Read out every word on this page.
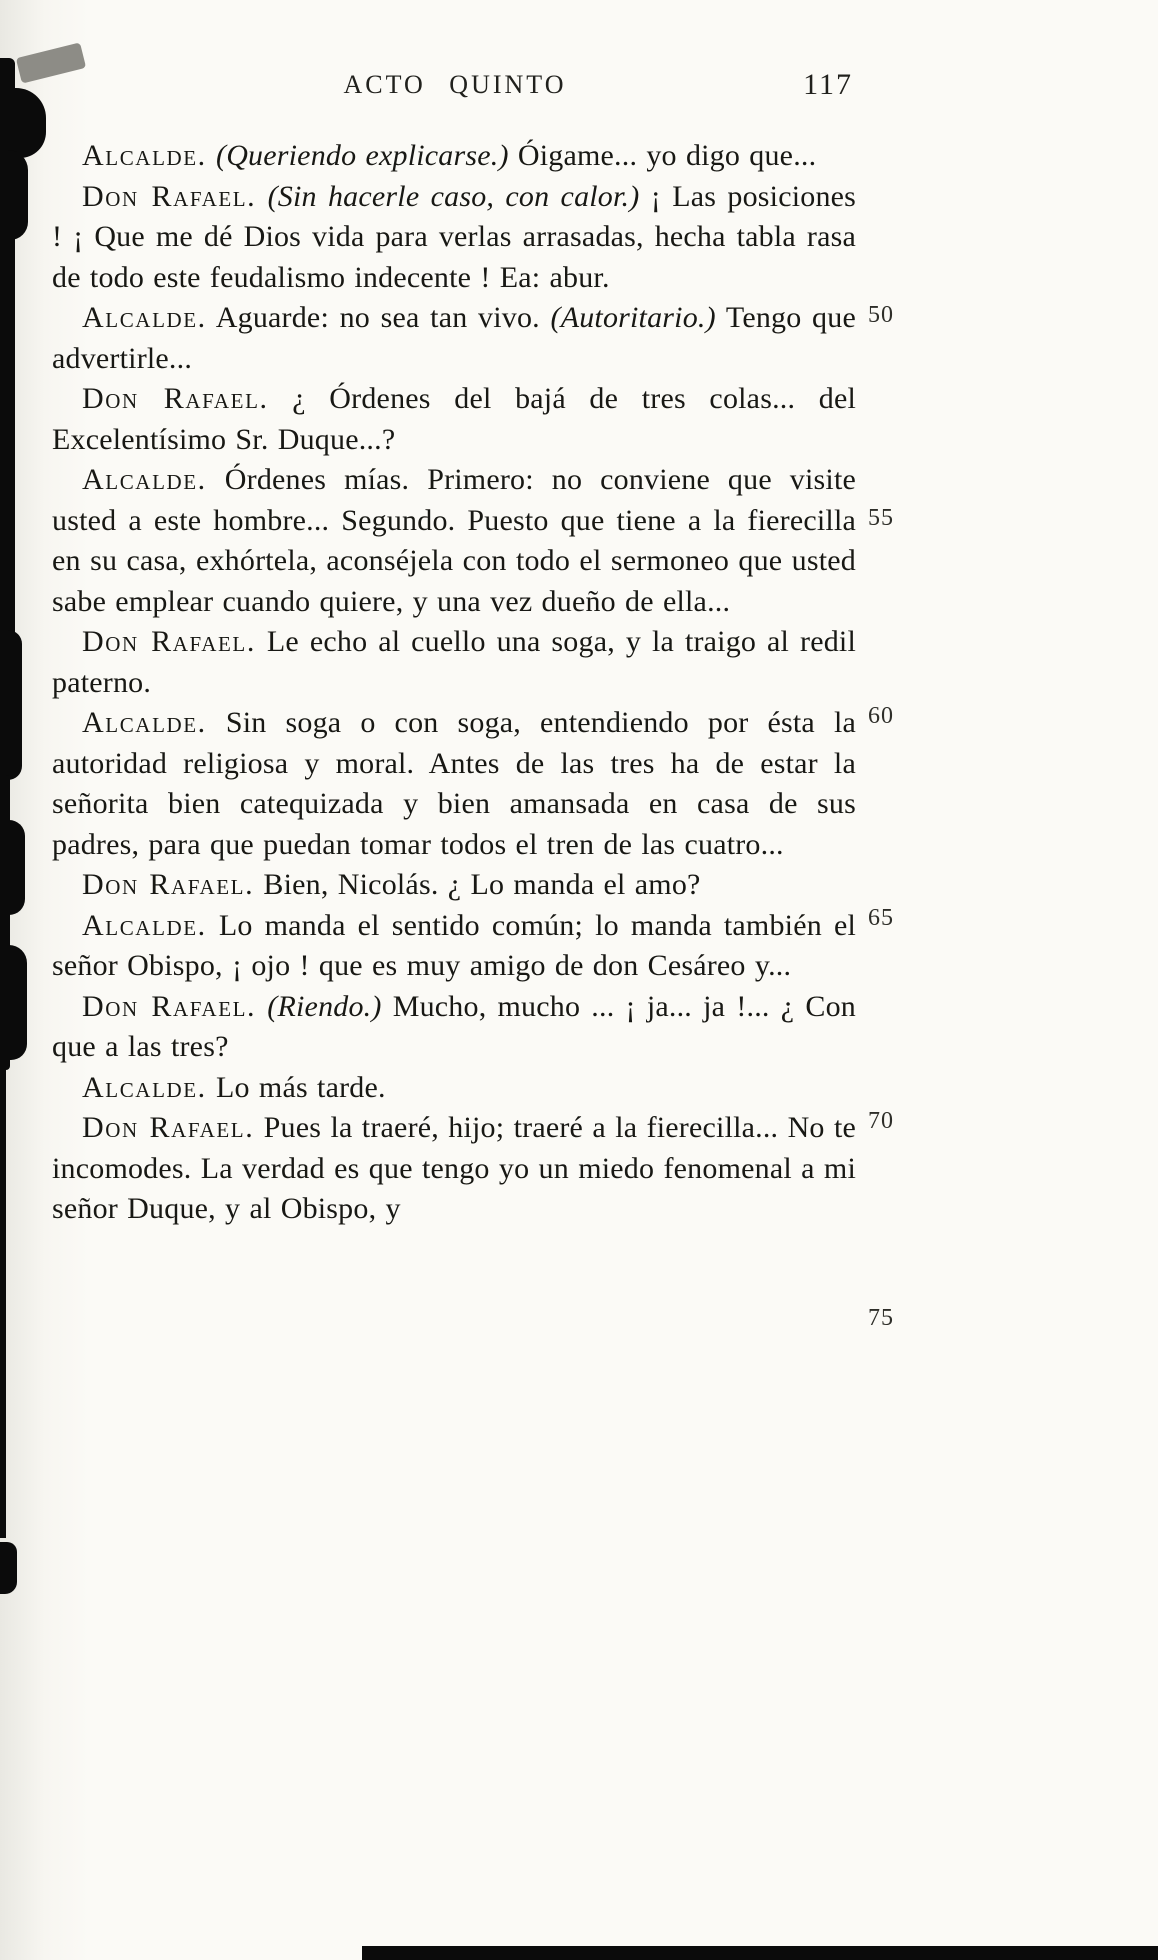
ACTO QUINTO	117

Alcalde. (Queriendo explicarse.) Óigame... yo digo que...

Don Rafael. (Sin hacerle caso, con calor.) ¡ Las posiciones ! ¡ Que me dé Dios vida para verlas arrasadas, hecha tabla rasa de todo este feudalismo indecente ! Ea: abur.

Alcalde. Aguarde: no sea tan vivo. (Autoritario.) Tengo que advertirle...

Don Rafael. ¿ Órdenes del bajá de tres colas... del Excelentísimo Sr. Duque...?

Alcalde. Órdenes mías. Primero: no conviene que visite usted a este hombre... Segundo. Puesto que tiene a la fierecilla en su casa, exhórtela, aconséjela con todo el sermoneo que usted sabe emplear cuando quiere, y una vez dueño de ella...

Don Rafael. Le echo al cuello una soga, y la traigo al redil paterno.

Alcalde. Sin soga o con soga, entendiendo por ésta la autoridad religiosa y moral. Antes de las tres ha de estar la señorita bien catequizada y bien amansada en casa de sus padres, para que puedan tomar todos el tren de las cuatro...

Don Rafael. Bien, Nicolás. ¿ Lo manda el amo?

Alcalde. Lo manda el sentido común; lo manda también el señor Obispo, ¡ ojo ! que es muy amigo de don Cesáreo y...

Don Rafael. (Riendo.) Mucho, mucho ... ¡ ja... ja !... ¿ Con que a las tres?

Alcalde. Lo más tarde.

Don Rafael. Pues la traeré, hijo; traeré a la fierecilla... No te incomodes. La verdad es que tengo yo un miedo fenomenal a mi señor Duque, y al Obispo, y

50
55
60
65
70
75
